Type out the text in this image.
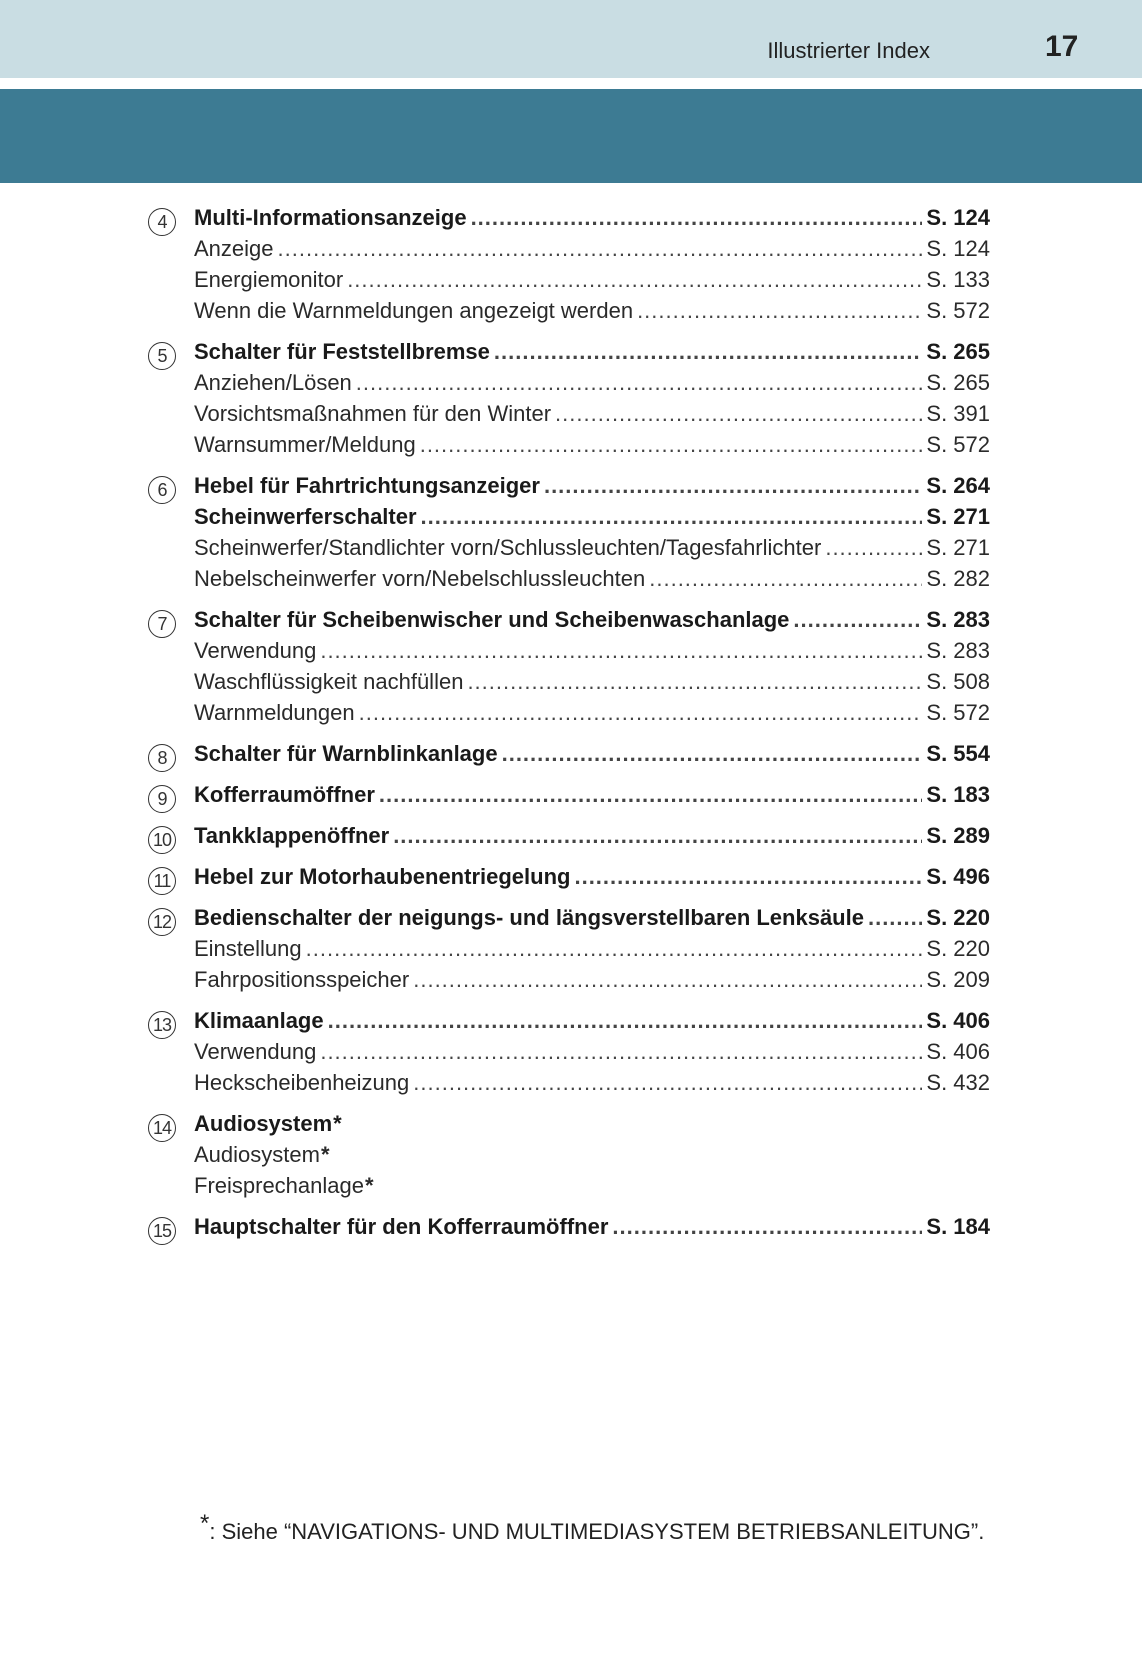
Illustrierter Index	17
4	Multi-Informationsanzeige .....	S. 124
Anzeige .....	S. 124
Energiemonitor .....	S. 133
Wenn die Warnmeldungen angezeigt werden .....	S. 572
5	Schalter für Feststellbremse .....	S. 265
Anziehen/Lösen .....	S. 265
Vorsichtsmaßnahmen für den Winter .....	S. 391
Warnsummer/Meldung .....	S. 572
6	Hebel für Fahrtrichtungsanzeiger .....	S. 264
Scheinwerferschalter .....	S. 271
Scheinwerfer/Standlichter vorn/Schlussleuchten/Tagesfahrlichter .....	S. 271
Nebelscheinwerfer vorn/Nebelschlussleuchten .....	S. 282
7	Schalter für Scheibenwischer und Scheibenwaschanlage .....	S. 283
Verwendung .....	S. 283
Waschflüssigkeit nachfüllen .....	S. 508
Warnmeldungen .....	S. 572
8	Schalter für Warnblinkanlage .....	S. 554
9	Kofferraumöffner .....	S. 183
10 Tankklappenöffner .....	S. 289
11 Hebel zur Motorhaubenentriegelung .....	S. 496
12 Bedienschalter der neigungs- und längsverstellbaren Lenksäule .....	S. 220
Einstellung .....	S. 220
Fahrpositionsspeicher .....	S. 209
13 Klimaanlage .....	S. 406
Verwendung .....	S. 406
Heckscheibenheizung .....	S. 432
14 Audiosystem *
Audiosystem *
Freisprechanlage *
15 Hauptschalter für den Kofferraumöffner .....	S. 184
*: Siehe “NAVIGATIONS- UND MULTIMEDIASYSTEM BETRIEBSANLEITUNG”.
